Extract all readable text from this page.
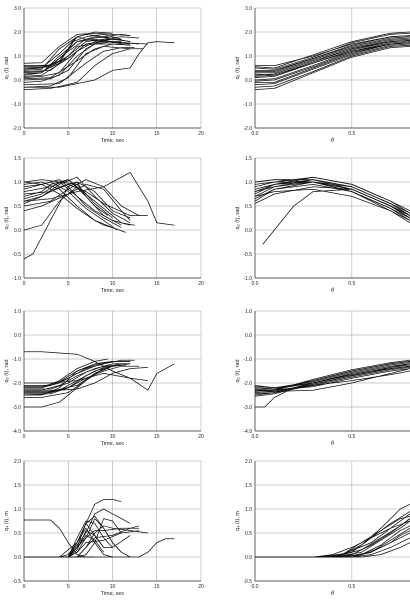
-2.0
-1.0
0.0
1.0
2.0
3.0
0	5	10	15	20
Time, sec
q₁ (t), rad
-2.0
-1.0
0.0
1.0
2.0
3.0
0.0	0.5
θ
q₁ (t), rad
-1.0
-0.5
0.0
0.5
1.0
1.5
0	5	10	15	20
Time, sec
q₂ (t), rad
-1.0
-0.5
0.0
0.5
1.0
1.5
0.0	0.5
θ
q₂ (t), rad
-4.0
-3.0
-2.0
-1.0
0.0
1.0
0	5	10	15	20
Time, sec
q₃ (t), rad
-4.0
-3.0
-2.0
-1.0
0.0
1.0
0.0	0.5
θ
q₃ (t), rad
-0.5
0.0
0.5
1.0
1.5
2.0
0	5	10	15	20
Time, sec
q₄ (t), m
-0.5
0.0
0.5
1.0
1.5
2.0
0.0	0.5
θ
q₄ (t), m
